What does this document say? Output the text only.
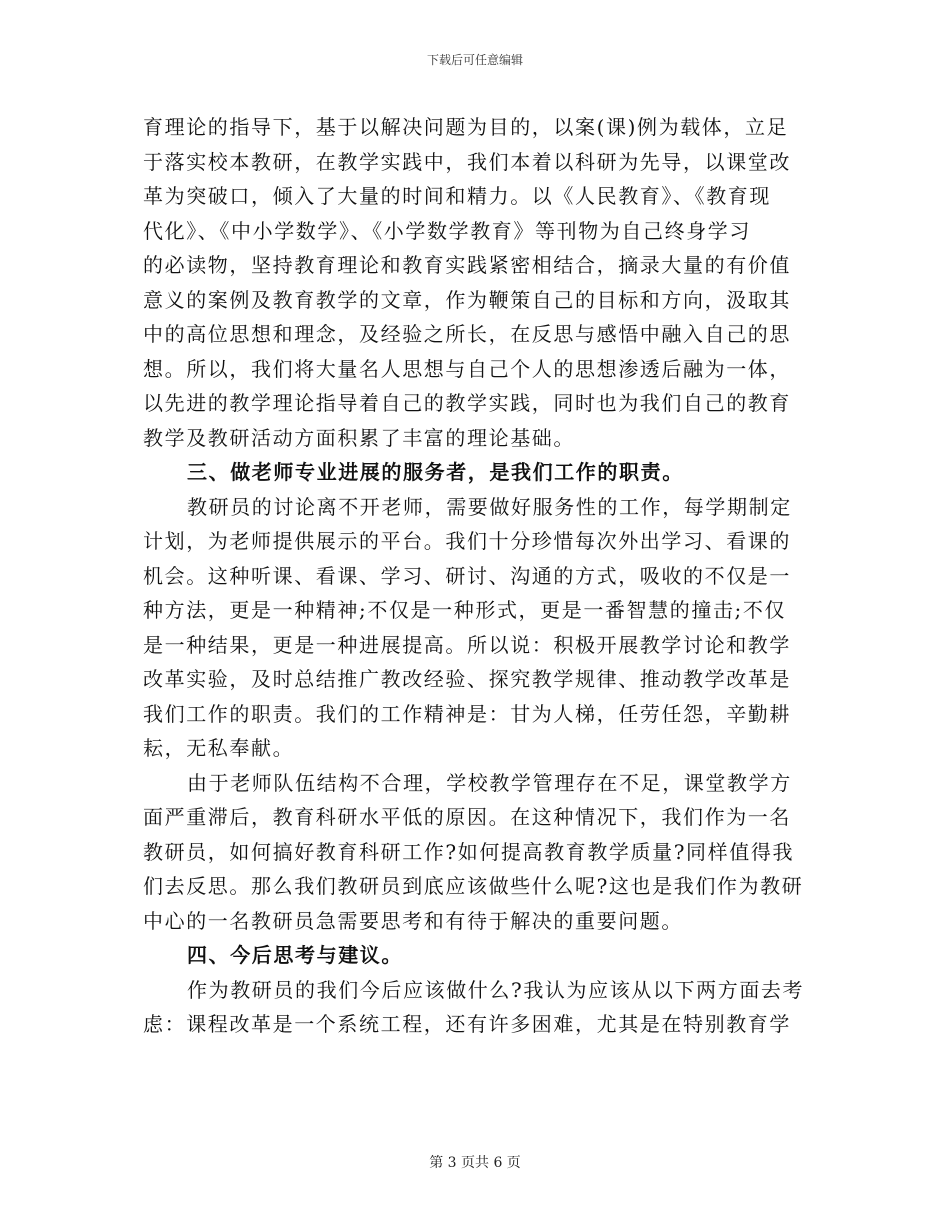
下载后可任意编辑
育理论的指导下，基于以解决问题为目的，以案(课)例为载体，立足
于落实校本教研，在教学实践中，我们本着以科研为先导，以课堂改
革为突破口，倾入了大量的时间和精力。以《人民教育》、《教育现
代化》、《中小学数学》、《小学数学教育》等刊物为自己终身学习
的必读物，坚持教育理论和教育实践紧密相结合，摘录大量的有价值
意义的案例及教育教学的文章，作为鞭策自己的目标和方向，汲取其
中的高位思想和理念，及经验之所长，在反思与感悟中融入自己的思
想。所以，我们将大量名人思想与自己个人的思想渗透后融为一体，
以先进的教学理论指导着自己的教学实践，同时也为我们自己的教育
教学及教研活动方面积累了丰富的理论基础。
三、做老师专业进展的服务者，是我们工作的职责。
教研员的讨论离不开老师，需要做好服务性的工作，每学期制定
计划，为老师提供展示的平台。我们十分珍惜每次外出学习、看课的
机会。这种听课、看课、学习、研讨、沟通的方式，吸收的不仅是一
种方法，更是一种精神;不仅是一种形式，更是一番智慧的撞击;不仅
是一种结果，更是一种进展提高。所以说：积极开展教学讨论和教学
改革实验，及时总结推广教改经验、探究教学规律、推动教学改革是
我们工作的职责。我们的工作精神是：甘为人梯，任劳任怨，辛勤耕
耘，无私奉献。
由于老师队伍结构不合理，学校教学管理存在不足，课堂教学方
面严重滞后，教育科研水平低的原因。在这种情况下，我们作为一名
教研员，如何搞好教育科研工作?如何提高教育教学质量?同样值得我
们去反思。那么我们教研员到底应该做些什么呢?这也是我们作为教研
中心的一名教研员急需要思考和有待于解决的重要问题。
四、今后思考与建议。
作为教研员的我们今后应该做什么?我认为应该从以下两方面去考
虑：课程改革是一个系统工程，还有许多困难，尤其是在特别教育学
第 3 页共 6 页
